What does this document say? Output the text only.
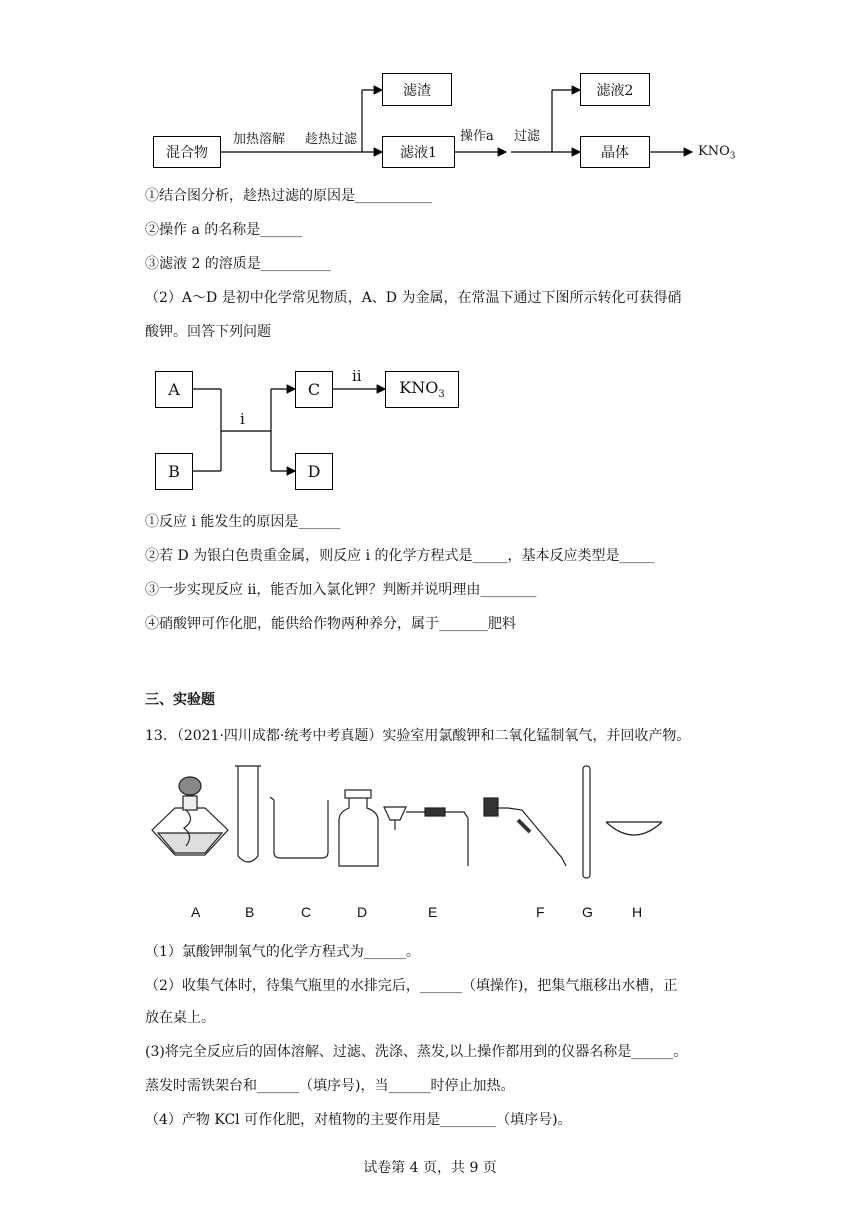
混合物
加热溶解 趁热过滤
滤渣
滤液1
操作a 过滤
滤液2
晶体	$KNO_3$
①结合图分析，趁热过滤的原因是___________
②操作 a 的名称是______
③滤液 2 的溶质是__________
（2）A～D 是初中化学常见物质，A、D 为金属，在常温下通过下图所示转化可获得硝
酸钾。回答下列问题
A
B
i
C
D
ii
$KNO_3$
①反应 i 能发生的原因是______
②若 D 为银白色贵重金属，则反应 i 的化学方程式是_____，基本反应类型是_____
③一步实现反应 ii，能否加入氯化钾？判断并说明理由________
④硝酸钾可作化肥，能供给作物两种养分，属于_______肥料
三、实验题
13．（2021·四川成都·统考中考真题）实验室用氯酸钾和二氧化锰制氧气，并回收产物。
A	B	C	D	E	F	G	H
（1）氯酸钾制氧气的化学方程式为______。
（2）收集气体时，待集气瓶里的水排完后，______（填操作)，把集气瓶移出水槽，正
放在桌上。
(3)将完全反应后的固体溶解、过滤、洗涤、蒸发,以上操作都用到的仪器名称是______。
蒸发时需铁架台和______（填序号)，当______时停止加热。
（4）产物 KCl 可作化肥，对植物的主要作用是________（填序号)。
试卷第 4 页，共 9 页
